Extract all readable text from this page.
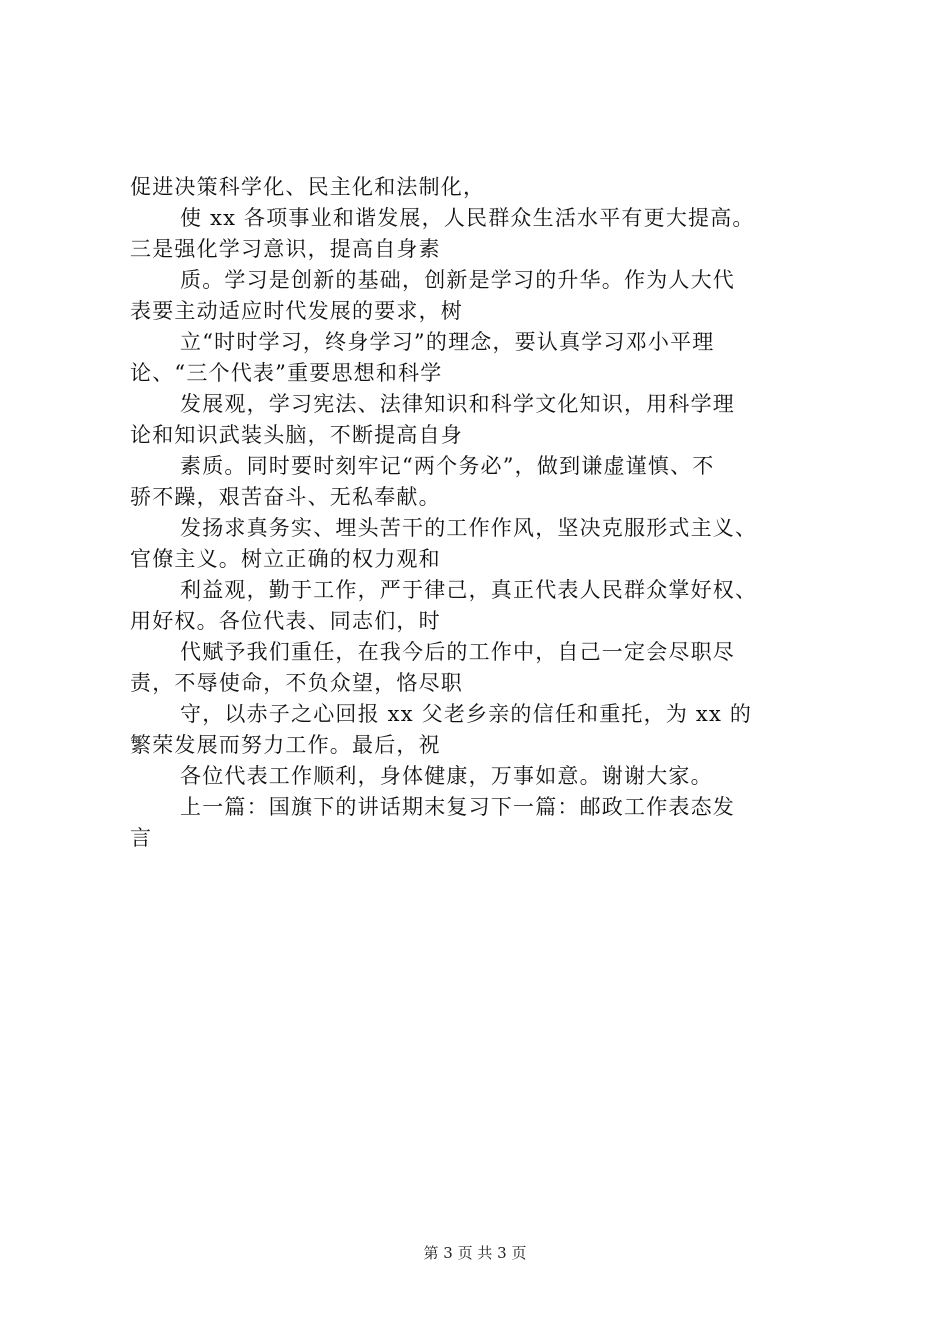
促进决策科学化、民主化和法制化，

使 xx 各项事业和谐发展，人民群众生活水平有更大提高。

三是强化学习意识，提高自身素

质。学习是创新的基础，创新是学习的升华。作为人大代

表要主动适应时代发展的要求，树

立“时时学习，终身学习”的理念，要认真学习邓小平理

论、“三个代表”重要思想和科学

发展观，学习宪法、法律知识和科学文化知识，用科学理

论和知识武装头脑，不断提高自身

素质。同时要时刻牢记“两个务必”，做到谦虚谨慎、不

骄不躁，艰苦奋斗、无私奉献。

发扬求真务实、埋头苦干的工作作风，坚决克服形式主义、

官僚主义。树立正确的权力观和

利益观，勤于工作，严于律己，真正代表人民群众掌好权、

用好权。各位代表、同志们，时

代赋予我们重任，在我今后的工作中，自己一定会尽职尽

责，不辱使命，不负众望，恪尽职

守，以赤子之心回报 xx 父老乡亲的信任和重托，为 xx 的

繁荣发展而努力工作。最后，祝

各位代表工作顺利，身体健康，万事如意。谢谢大家。

上一篇：国旗下的讲话期末复习下一篇：邮政工作表态发

言

第 3 页 共 3 页
